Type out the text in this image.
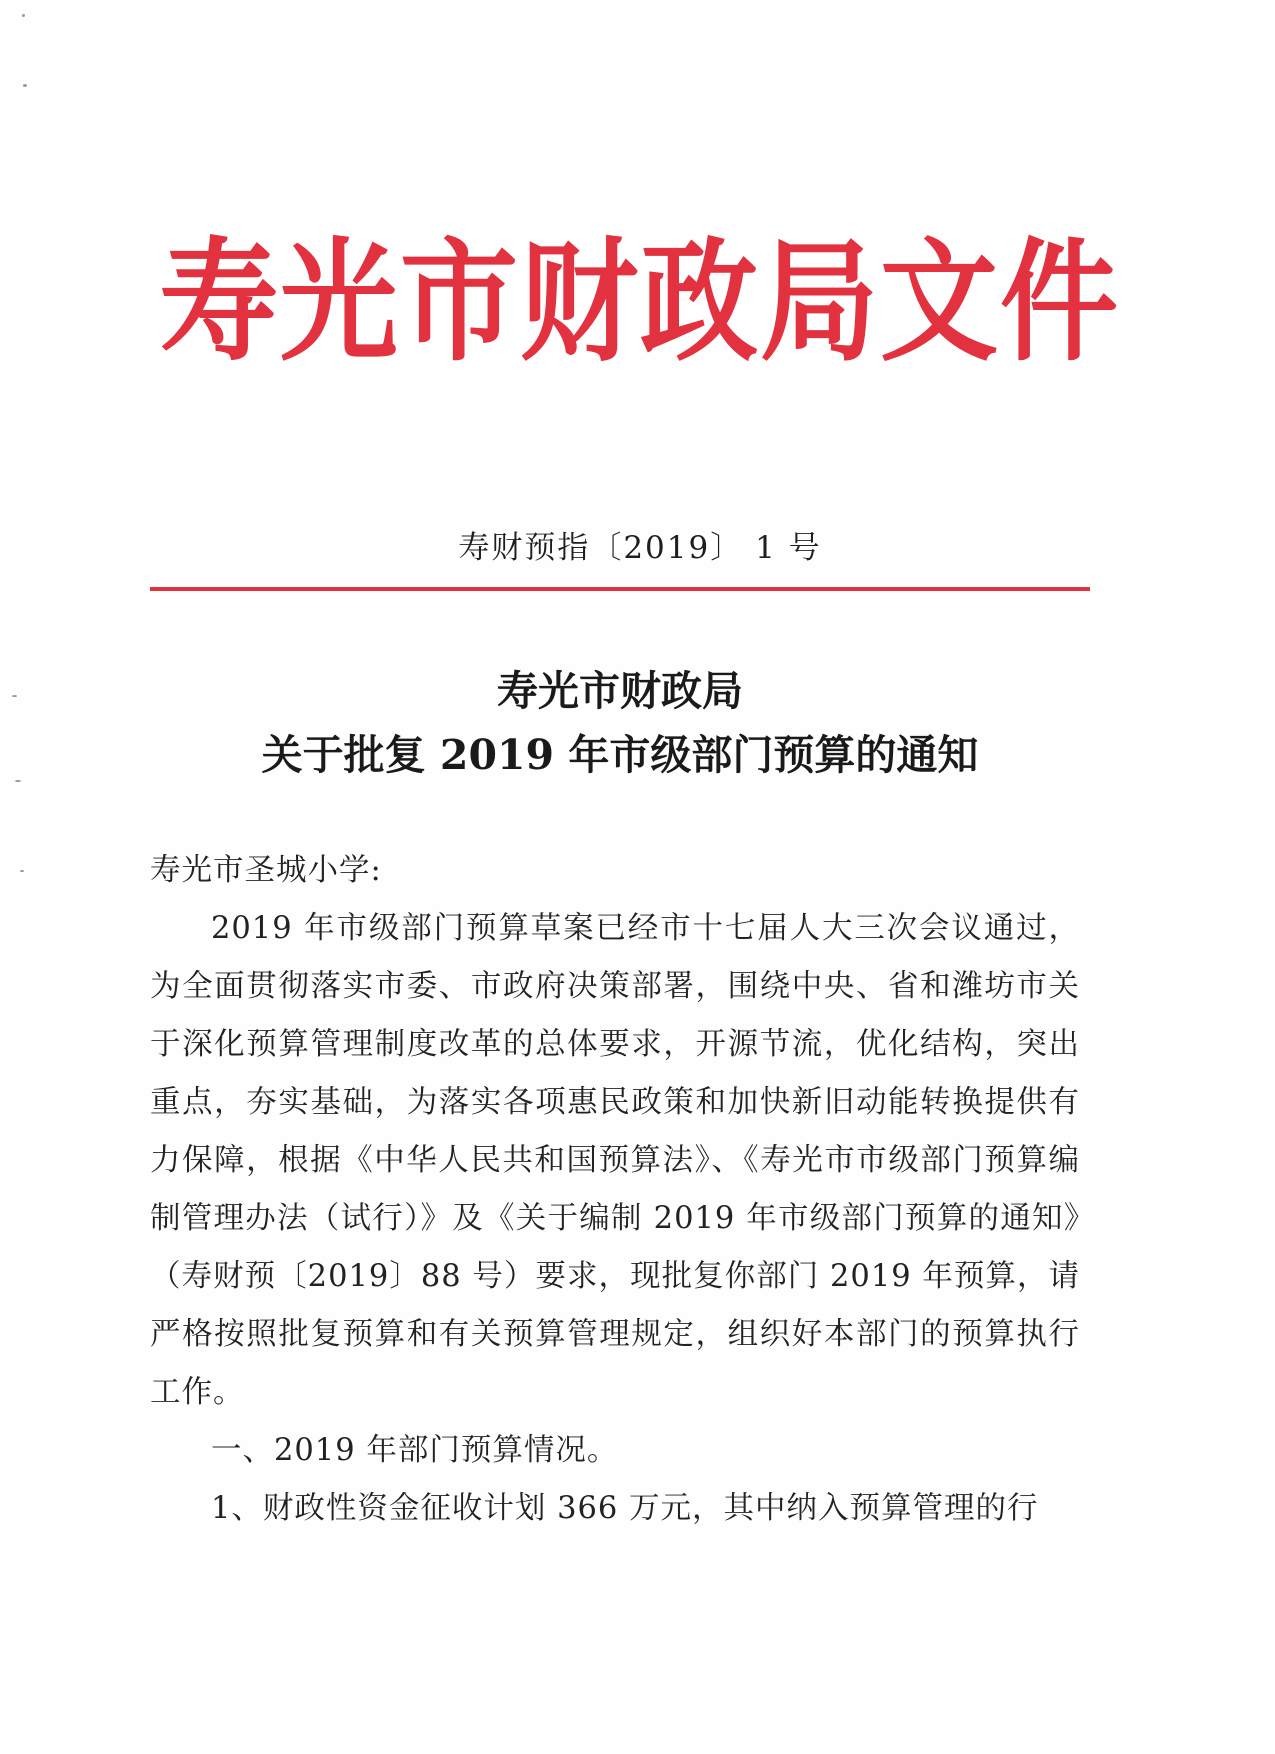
寿光市财政局文件
寿财预指〔2019〕 1 号
寿光市财政局
关于批复 2019 年市级部门预算的通知

寿光市圣城小学:

2019 年市级部门预算草案已经市十七届人大三次会议通过，为全面贯彻落实市委、市政府决策部署，围绕中央、省和潍坊市关于深化预算管理制度改革的总体要求，开源节流，优化结构，突出重点，夯实基础，为落实各项惠民政策和加快新旧动能转换提供有力保障，根据《中华人民共和国预算法》、《寿光市市级部门预算编制管理办法（试行）》及《关于编制 2019 年市级部门预算的通知》（寿财预〔2019〕88 号）要求，现批复你部门 2019 年预算，请严格按照批复预算和有关预算管理规定，组织好本部门的预算执行工作。

一、2019 年部门预算情况。

1、财政性资金征收计划 366 万元，其中纳入预算管理的行
